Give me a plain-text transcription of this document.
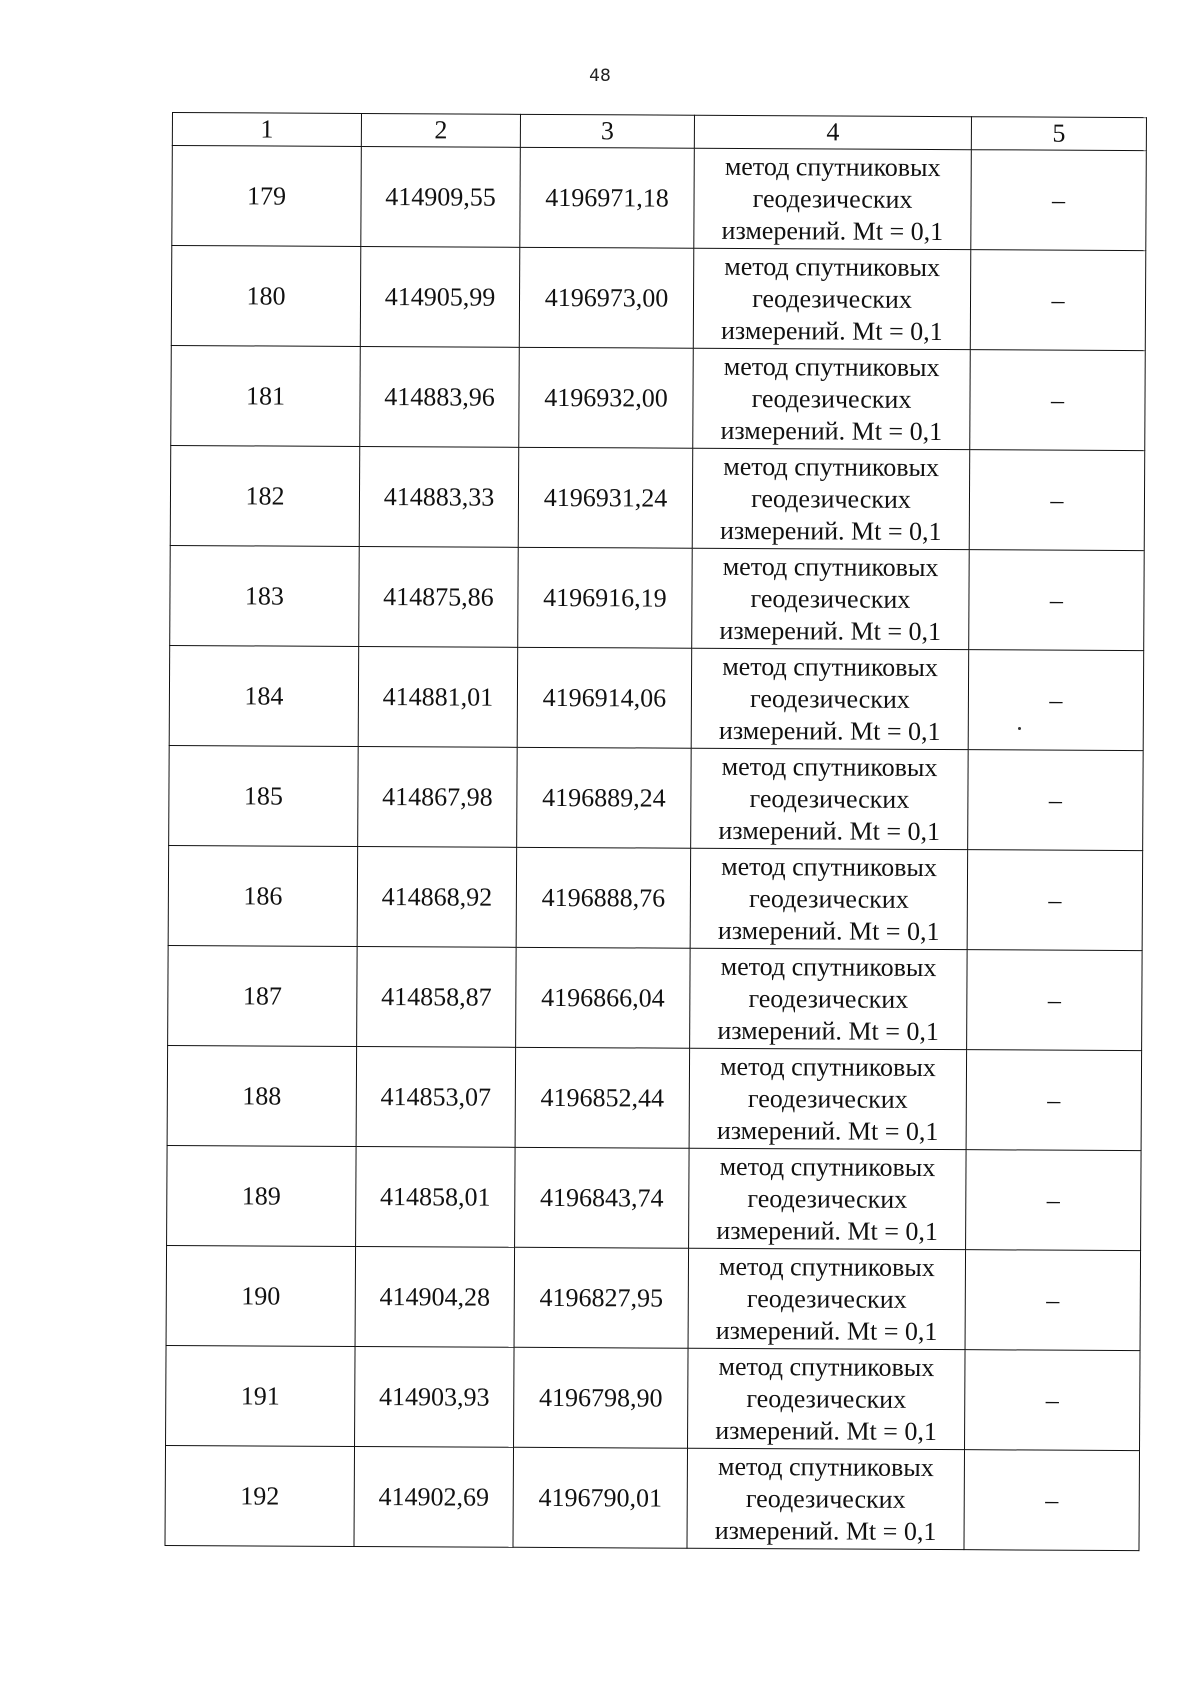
48
1	2	3	4	5
179	414909,55	4196971,18	метод спутниковых
геодезических
измерений. Mt = 0,1	–
180	414905,99	4196973,00	метод спутниковых
геодезических
измерений. Mt = 0,1	–
181	414883,96	4196932,00	метод спутниковых
геодезических
измерений. Mt = 0,1	–
182	414883,33	4196931,24	метод спутниковых
геодезических
измерений. Mt = 0,1	–
183	414875,86	4196916,19	метод спутниковых
геодезических
измерений. Mt = 0,1	–
184	414881,01	4196914,06	метод спутниковых
геодезических
измерений. Mt = 0,1	–
185	414867,98	4196889,24	метод спутниковых
геодезических
измерений. Mt = 0,1	–
186	414868,92	4196888,76	метод спутниковых
геодезических
измерений. Mt = 0,1	–
187	414858,87	4196866,04	метод спутниковых
геодезических
измерений. Mt = 0,1	–
188	414853,07	4196852,44	метод спутниковых
геодезических
измерений. Mt = 0,1	–
189	414858,01	4196843,74	метод спутниковых
геодезических
измерений. Mt = 0,1	–
190	414904,28	4196827,95	метод спутниковых
геодезических
измерений. Mt = 0,1	–
191	414903,93	4196798,90	метод спутниковых
геодезических
измерений. Mt = 0,1	–
192	414902,69	4196790,01	метод спутниковых
геодезических
измерений. Mt = 0,1	–
